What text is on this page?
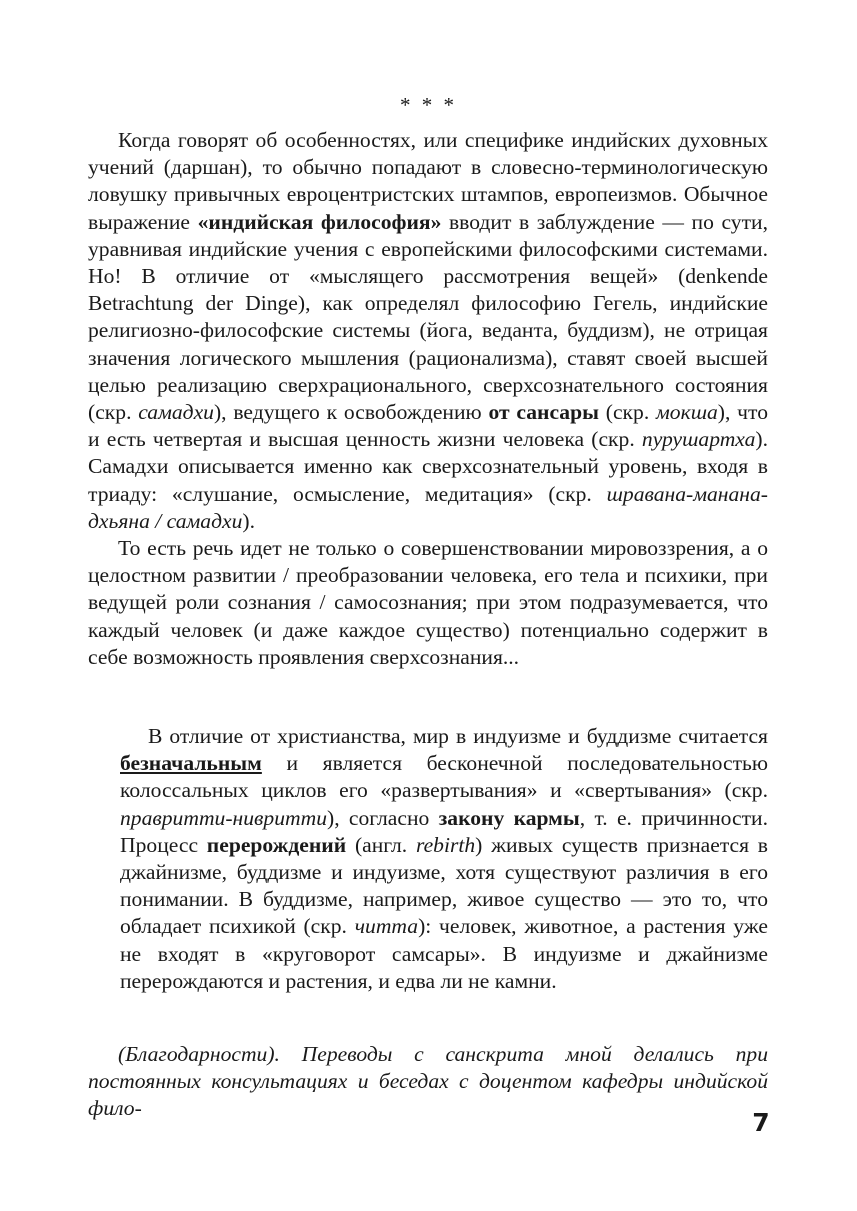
* * *

Когда говорят об особенностях, или специфике индийских духовных учений (даршан), то обычно попадают в словесно-терминологическую ловушку привычных евроцентристских штампов, европеизмов. Обычное выражение «индийская философия» вводит в заблуждение — по сути, уравнивая индийские учения с европейскими философскими системами. Но! В отличие от «мыслящего рассмотрения вещей» (denkende Betrachtung der Dinge), как определял философию Гегель, индийские религиозно-философские системы (йога, веданта, буддизм), не отрицая значения логического мышления (рационализма), ставят своей высшей целью реализацию сверхрационального, сверхсознательного состояния (скр. самадхи), ведущего к освобождению от сансары (скр. мокша), что и есть четвертая и высшая ценность жизни человека (скр. пурушартха). Самадхи описывается именно как сверхсознательный уровень, входя в триаду: «слушание, осмысление, медитация» (скр. шравана-манана-дхьяна / самадхи).

То есть речь идет не только о совершенствовании мировоззрения, а о целостном развитии / преобразовании человека, его тела и психики, при ведущей роли сознания / самосознания; при этом подразумевается, что каждый человек (и даже каждое существо) потенциально содержит в себе возможность проявления сверхсознания...

В отличие от христианства, мир в индуизме и буддизме считается безначальным и является бесконечной последовательностью колоссальных циклов его «развертывания» и «свертывания» (скр. правритти-нивритти), согласно закону кармы, т. е. причинности. Процесс перерождений (англ. rebirth) живых существ признается в джайнизме, буддизме и индуизме, хотя существуют различия в его понимании. В буддизме, например, живое существо — это то, что обладает психикой (скр. читта): человек, животное, а растения уже не входят в «круговорот самсары». В индуизме и джайнизме перерождаются и растения, и едва ли не камни.

(Благодарности). Переводы с санскрита мной делались при постоянных консультациях и беседах с доцентом кафедры индийской фило-	7
